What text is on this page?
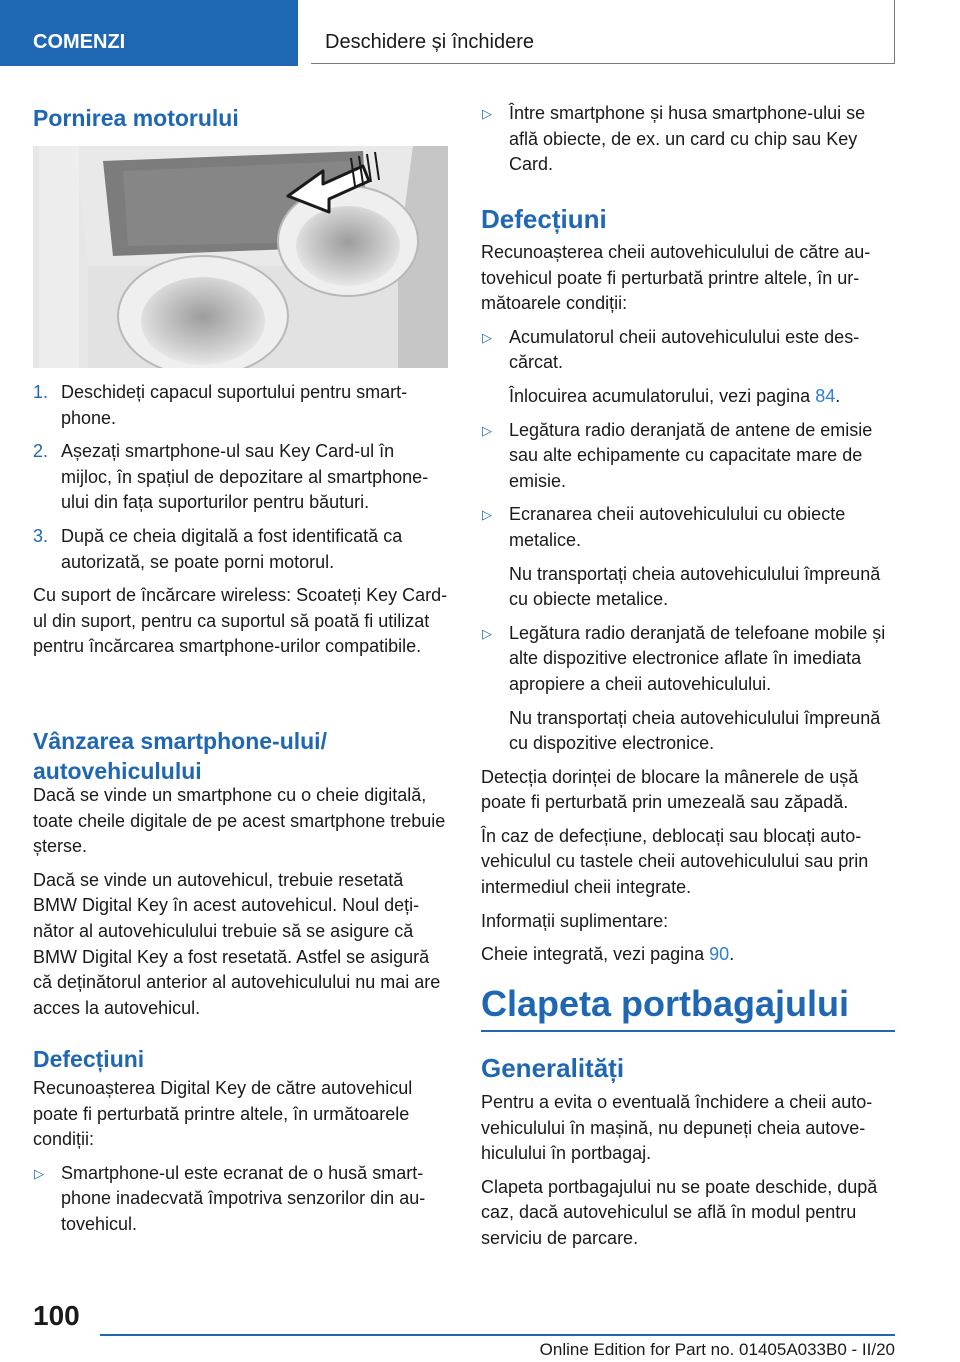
COMENZI	Deschidere și închidere
Pornirea motorului
1. Deschideți capacul suportului pentru smartphone.
2. Așezați smartphone-ul sau Key Card-ul în mijloc, în spațiul de depozitare al smartphone-ului din fața suporturilor pentru băuturi.
3. După ce cheia digitală a fost identificată ca autorizată, se poate porni motorul.

Cu suport de încărcare wireless: Scoateți Key Card-ul din suport, pentru ca suportul să poată fi utilizat pentru încărcarea smartphone-urilor compatibile.

Vânzarea smartphone-ului/ autovehiculului

Dacă se vinde un smartphone cu o cheie digitală, toate cheile digitale de pe acest smartphone trebuie șterse.

Dacă se vinde un autovehicul, trebuie resetată BMW Digital Key în acest autovehicul. Noul deținător al autovehiculului trebuie să se asigure că BMW Digital Key a fost resetată. Astfel se asigură că deținătorul anterior al autovehiculului nu mai are acces la autovehicul.

Defecțiuni

Recunoașterea Digital Key de către autovehicul poate fi perturbată printre altele, în următoarele condiții:

▷ Smartphone-ul este ecranat de o husă smartphone inadecvată împotriva senzorilor din autovehicul.
▷ Între smartphone și husa smartphone-ului se află obiecte, de ex. un card cu chip sau Key Card.
Defecțiuni

Recunoașterea cheii autovehiculului de către autovehicul poate fi perturbată printre altele, în următoarele condiții:

▷ Acumulatorul cheii autovehiculului este descărcat.
Înlocuirea acumulatorului, vezi pagina 84.
▷ Legătura radio deranjată de antene de emisie sau alte echipamente cu capacitate mare de emisie.
▷ Ecranarea cheii autovehiculului cu obiecte metalice.
Nu transportați cheia autovehiculului împreună cu obiecte metalice.
▷ Legătura radio deranjată de telefoane mobile și alte dispozitive electronice aflate în imediata apropiere a cheii autovehiculului.
Nu transportați cheia autovehiculului împreună cu dispozitive electronice.

Detecția dorinței de blocare la mânerele de ușă poate fi perturbată prin umezeală sau zăpadă.

În caz de defecțiune, deblocați sau blocați autovehiculul cu tastele cheii autovehiculului sau prin intermediul cheii integrate.

Informații suplimentare:

Cheie integrată, vezi pagina 90.

Clapeta portbagajului
Generalități

Pentru a evita o eventuală închidere a cheii autovehiculului în mașină, nu depuneți cheia autovehiculului în portbagaj.

Clapeta portbagajului nu se poate deschide, după caz, dacă autovehiculul se află în modul pentru serviciu de parcare.

100
Online Edition for Part no. 01405A033B0 - II/20
